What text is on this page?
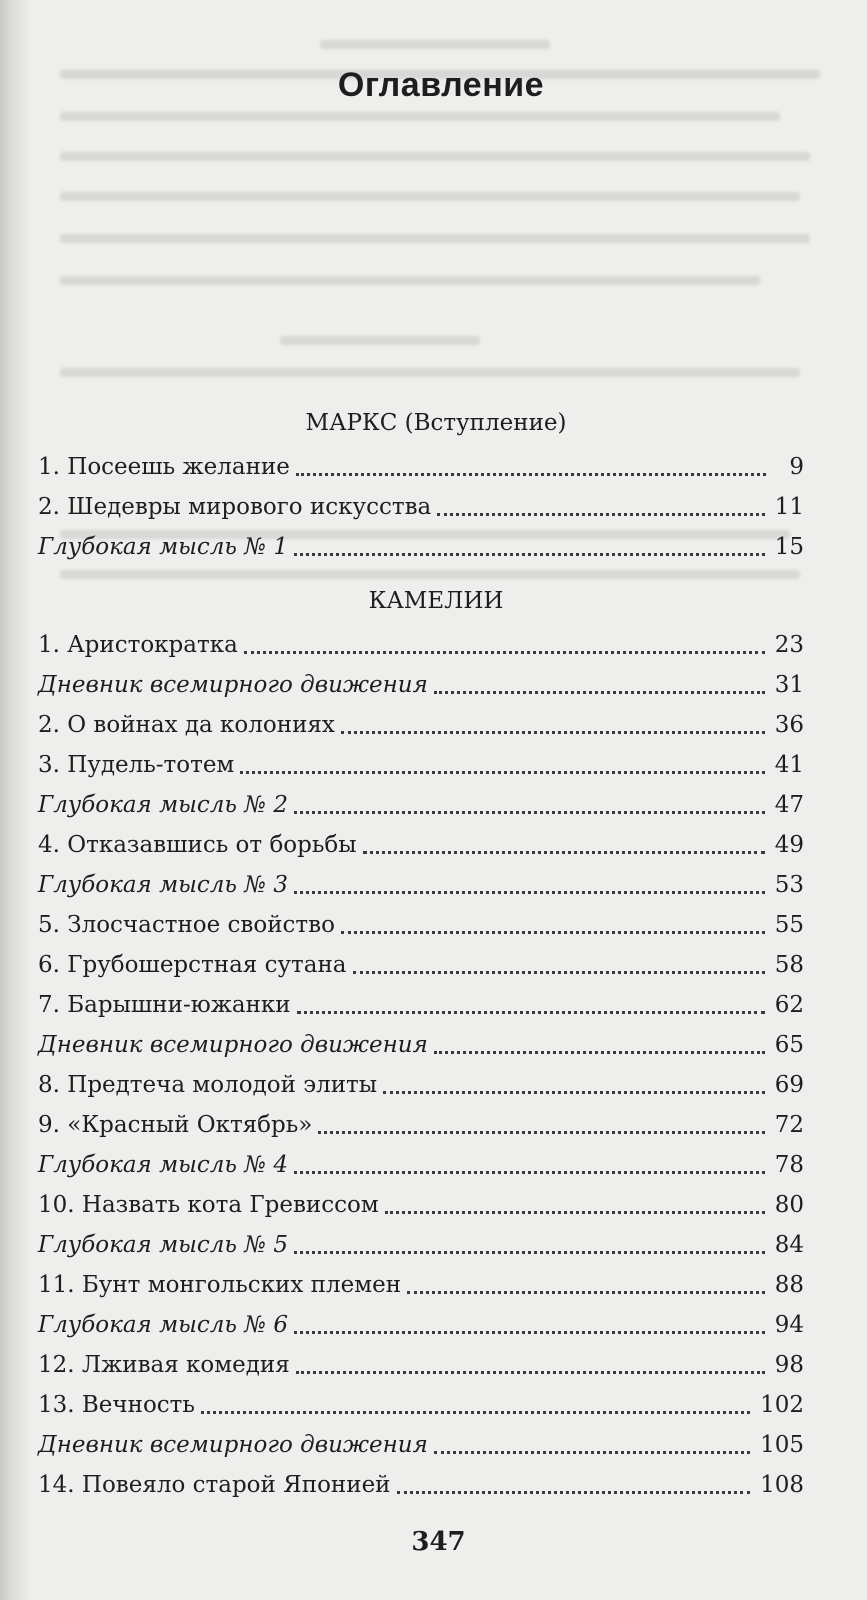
Оглавление
МАРКС (Вступление)
1. Посеешь желание	9
2. Шедевры мирового искусства	11
Глубокая мысль № 1	15
КАМЕЛИИ
1. Аристократка	23
Дневник всемирного движения	31
2. О войнах да колониях	36
3. Пудель-тотем	41
Глубокая мысль № 2	47
4. Отказавшись от борьбы	49
Глубокая мысль № 3	53
5. Злосчастное свойство	55
6. Грубошерстная сутана	58
7. Барышни-южанки	62
Дневник всемирного движения	65
8. Предтеча молодой элиты	69
9. «Красный Октябрь»	72
Глубокая мысль № 4	78
10. Назвать кота Гревиссом	80
Глубокая мысль № 5	84
11. Бунт монгольских племен	88
Глубокая мысль № 6	94
12. Лживая комедия	98
13. Вечность	102
Дневник всемирного движения	105
14. Повеяло старой Японией	108
347
